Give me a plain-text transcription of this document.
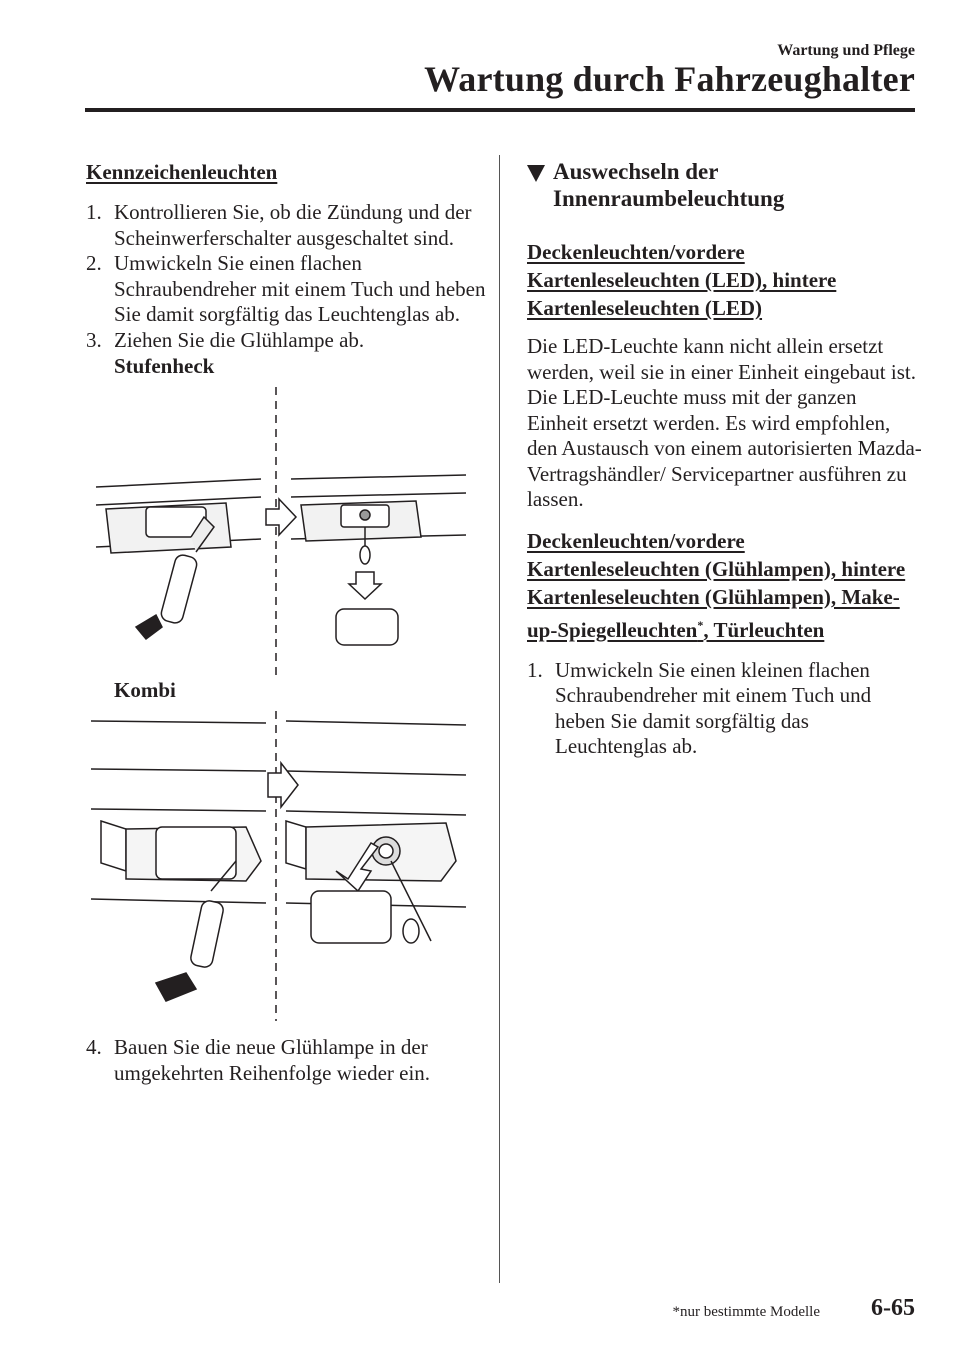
Wartung und Pflege
Wartung durch Fahrzeughalter
Kennzeichenleuchten
1. Kontrollieren Sie, ob die Zündung und der Scheinwerferschalter ausgeschaltet sind.
2. Umwickeln Sie einen flachen Schraubendreher mit einem Tuch und heben Sie damit sorgfältig das Leuchtenglas ab.
3. Ziehen Sie die Glühlampe ab.
Stufenheck
Kombi
4. Bauen Sie die neue Glühlampe in der umgekehrten Reihenfolge wieder ein.
Auswechseln der Innenraumbeleuchtung
Deckenleuchten/vordere Kartenleseleuchten (LED), hintere Kartenleseleuchten (LED)

Die LED-Leuchte kann nicht allein ersetzt werden, weil sie in einer Einheit eingebaut ist.

Die LED-Leuchte muss mit der ganzen Einheit ersetzt werden. Es wird empfohlen, den Austausch von einem autorisierten Mazda-Vertragshändler/ Servicepartner ausführen zu lassen.

Deckenleuchten/vordere Kartenleseleuchten (Glühlampen), hintere Kartenleseleuchten (Glühlampen), Make-up-Spiegelleuchten*, Türleuchten
1. Umwickeln Sie einen kleinen flachen Schraubendreher mit einem Tuch und heben Sie damit sorgfältig das Leuchtenglas ab.
*nur bestimmte Modelle	6-65
